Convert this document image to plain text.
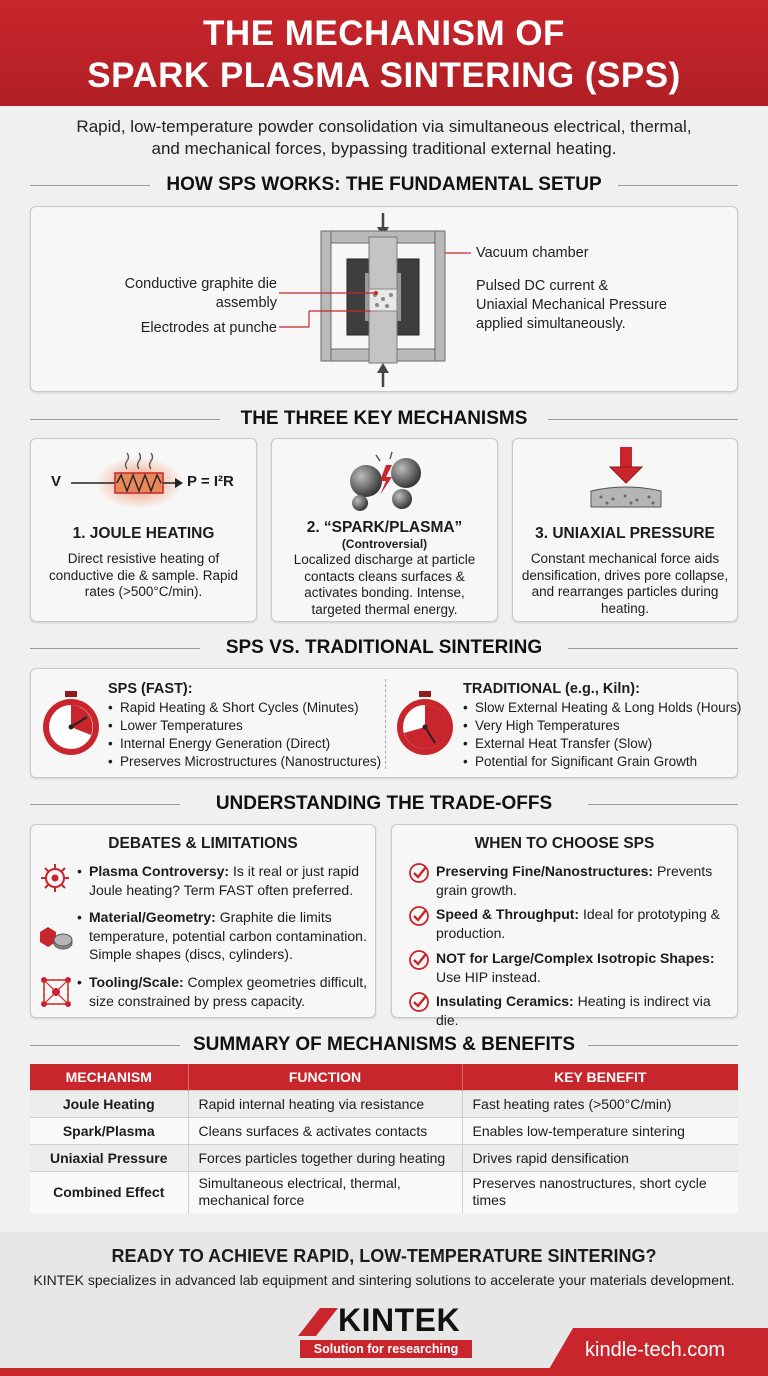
THE MECHANISM OF
SPARK PLASMA SINTERING (SPS)
Rapid, low-temperature powder consolidation via simultaneous electrical, thermal,
and mechanical forces, bypassing traditional external heating.
HOW SPS WORKS: THE FUNDAMENTAL SETUP
Conductive graphite die
assembly
Electrodes at punche
Vacuum chamber
Pulsed DC current &
Uniaxial Mechanical Pressure
applied simultaneously.
THE THREE KEY MECHANISMS
V	P = I²R
1. JOULE HEATING
Direct resistive heating of conductive die & sample. Rapid rates (>500°C/min).
2. “SPARK/PLASMA”
(Controversial)
Localized discharge at particle contacts cleans surfaces & activates bonding. Intense, targeted thermal energy.
3. UNIAXIAL PRESSURE
Constant mechanical force aids densification, drives pore collapse, and rearranges particles during heating.
SPS VS. TRADITIONAL SINTERING
SPS (FAST):
• Rapid Heating & Short Cycles (Minutes)
• Lower Temperatures
• Internal Energy Generation (Direct)
• Preserves Microstructures (Nanostructures)
TRADITIONAL (e.g., Kiln):
• Slow External Heating & Long Holds (Hours)
• Very High Temperatures
• External Heat Transfer (Slow)
• Potential for Significant Grain Growth
UNDERSTANDING THE TRADE-OFFS
DEBATES & LIMITATIONS
• Plasma Controversy: Is it real or just rapid Joule heating? Term FAST often preferred.
• Material/Geometry: Graphite die limits temperature, potential carbon contamination. Simple shapes (discs, cylinders).
• Tooling/Scale: Complex geometries difficult, size constrained by press capacity.
WHEN TO CHOOSE SPS
Preserving Fine/Nanostructures: Prevents grain growth.
Speed & Throughput: Ideal for prototyping & production.
NOT for Large/Complex Isotropic Shapes: Use HIP instead.
Insulating Ceramics: Heating is indirect via die.
SUMMARY OF MECHANISMS & BENEFITS
MECHANISM	FUNCTION	KEY BENEFIT
Joule Heating	Rapid internal heating via resistance	Fast heating rates (>500°C/min)
Spark/Plasma	Cleans surfaces & activates contacts	Enables low-temperature sintering
Uniaxial Pressure	Forces particles together during heating	Drives rapid densification
Combined Effect	Simultaneous electrical, thermal, mechanical force	Preserves nanostructures, short cycle times
READY TO ACHIEVE RAPID, LOW-TEMPERATURE SINTERING?
KINTEK specializes in advanced lab equipment and sintering solutions to accelerate your materials development.
KINTEK
Solution for researching	kindle-tech.com
